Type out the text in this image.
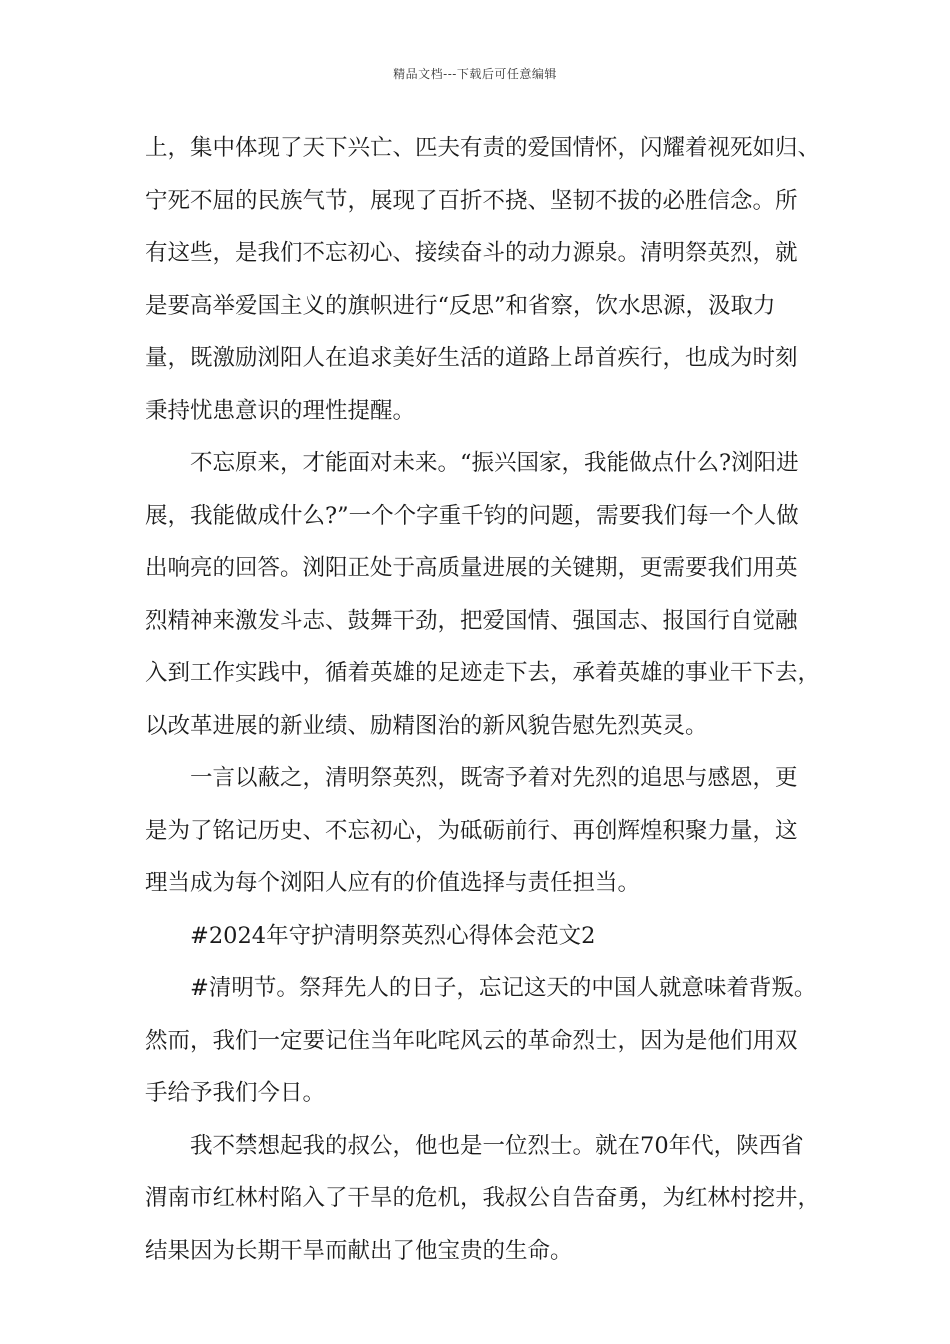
精品文档---下载后可任意编辑
上，集中体现了天下兴亡、匹夫有责的爱国情怀，闪耀着视死如归、
宁死不屈的民族气节，展现了百折不挠、坚韧不拔的必胜信念。所
有这些，是我们不忘初心、接续奋斗的动力源泉。清明祭英烈，就
是要高举爱国主义的旗帜进行“反思”和省察，饮水思源，汲取力
量，既激励浏阳人在追求美好生活的道路上昂首疾行，也成为时刻
秉持忧患意识的理性提醒。
不忘原来，才能面对未来。“振兴国家，我能做点什么?浏阳进
展，我能做成什么?”一个个字重千钧的问题，需要我们每一个人做
出响亮的回答。浏阳正处于高质量进展的关键期，更需要我们用英
烈精神来激发斗志、鼓舞干劲，把爱国情、强国志、报国行自觉融
入到工作实践中，循着英雄的足迹走下去，承着英雄的事业干下去，
以改革进展的新业绩、励精图治的新风貌告慰先烈英灵。
一言以蔽之，清明祭英烈，既寄予着对先烈的追思与感恩，更
是为了铭记历史、不忘初心，为砥砺前行、再创辉煌积聚力量，这
理当成为每个浏阳人应有的价值选择与责任担当。
#2024年守护清明祭英烈心得体会范文2
#清明节。祭拜先人的日子，忘记这天的中国人就意味着背叛。
然而，我们一定要记住当年叱咤风云的革命烈士，因为是他们用双
手给予我们今日。
我不禁想起我的叔公，他也是一位烈士。就在70年代，陕西省
渭南市红林村陷入了干旱的危机，我叔公自告奋勇，为红林村挖井，
结果因为长期干旱而献出了他宝贵的生命。
